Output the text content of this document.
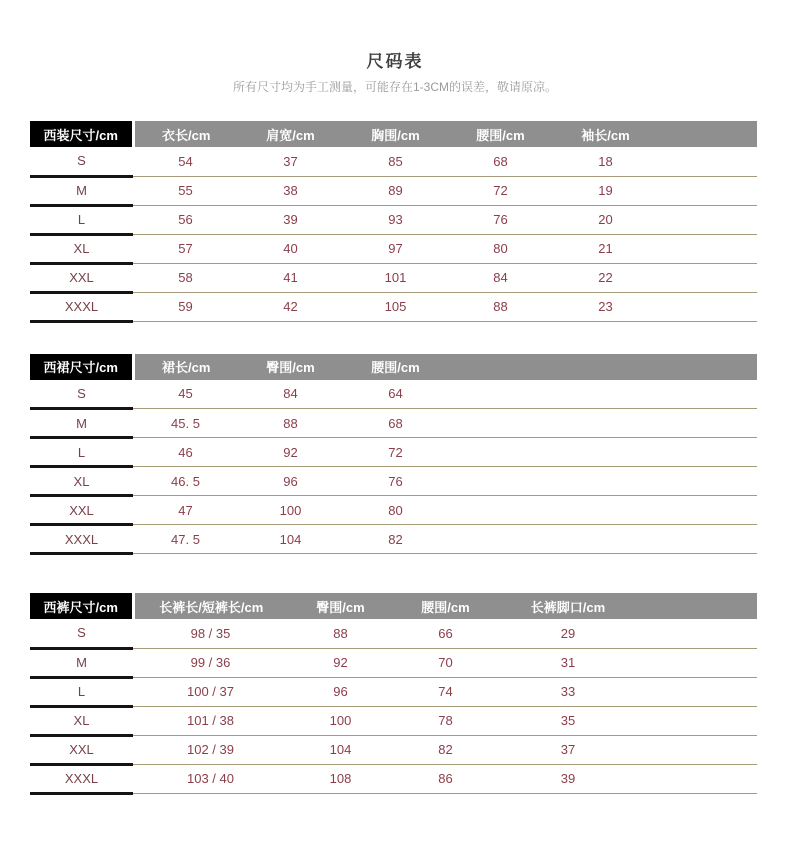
尺码表

所有尺寸均为手工测量，可能存在1-3CM的误差，敬请原凉。

西装尺寸/cm	衣长/cm	肩宽/cm	胸围/cm	腰围/cm	袖长/cm	
S	54	37	85	68	18	
M	55	38	89	72	19	
L	56	39	93	76	20	
XL	57	40	97	80	21	
XXL	58	41	101	84	22	
XXXL	59	42	105	88	23	
西裙尺寸/cm	裙长/cm	臀围/cm	腰围/cm	
S	45	84	64	
M	45. 5	88	68	
L	46	92	72	
XL	46. 5	96	76	
XXL	47	100	80	
XXXL	47. 5	104	82	
西裤尺寸/cm	长裤长/短裤长/cm	臀围/cm	腰围/cm	长裤脚口/cm	
S	98 / 35	88	66	29	
M	99 / 36	92	70	31	
L	100 / 37	96	74	33	
XL	101 / 38	100	78	35	
XXL	102 / 39	104	82	37	
XXXL	103 / 40	108	86	39	
